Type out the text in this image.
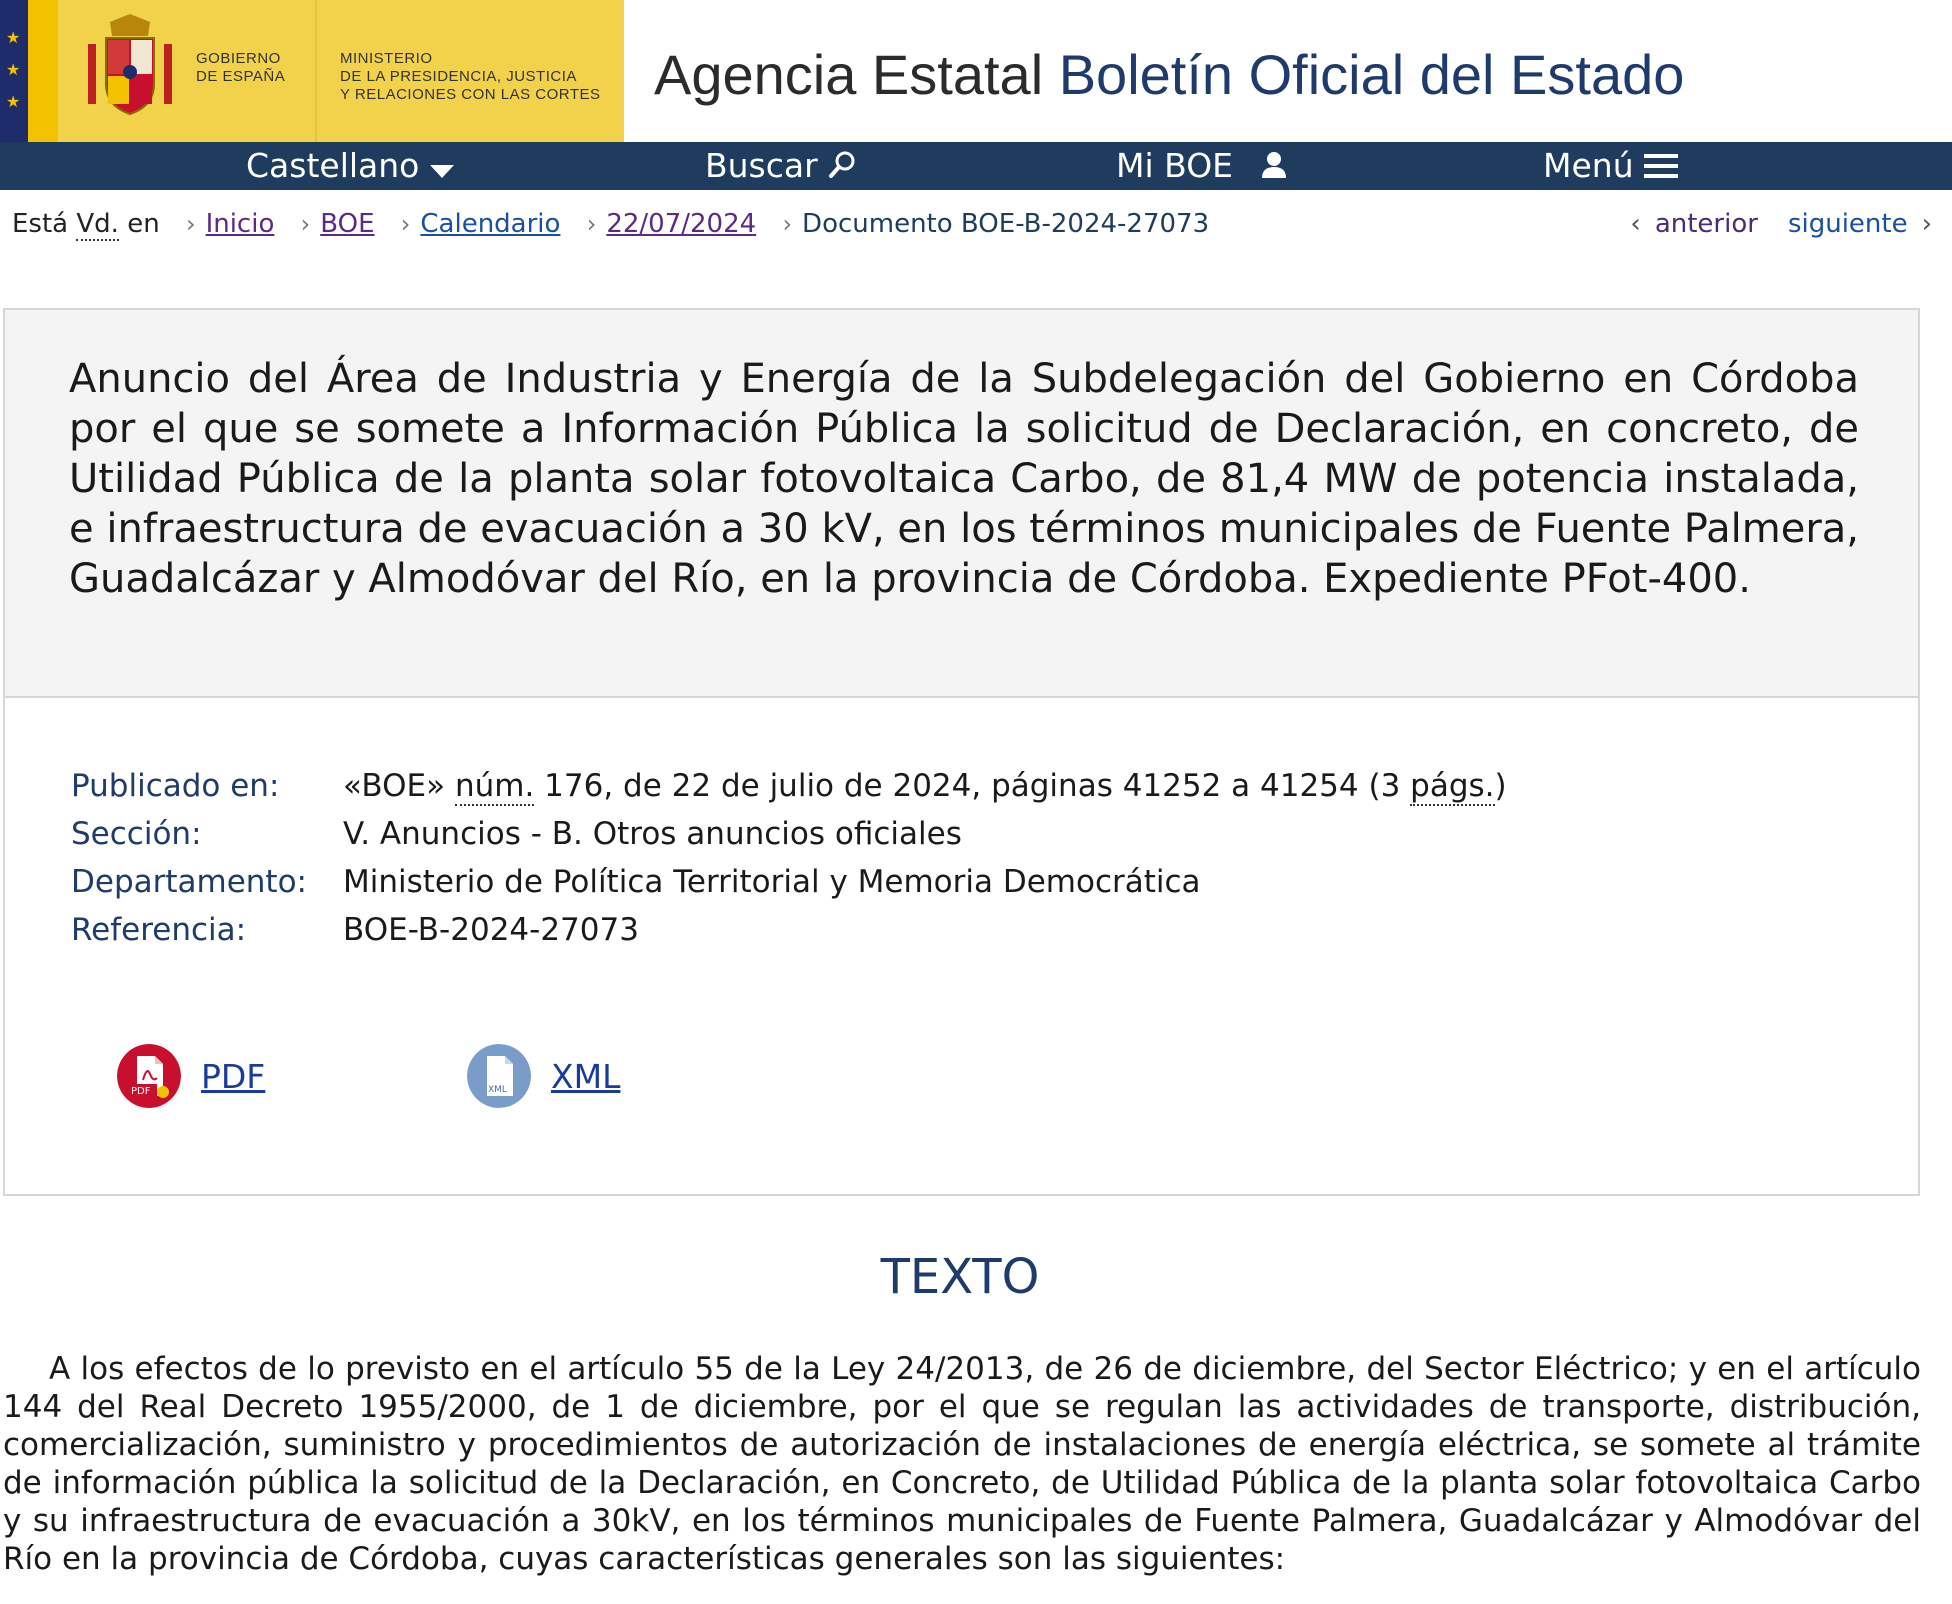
★
★
★
GOBIERNO
DE ESPAÑA
MINISTERIO
DE LA PRESIDENCIA, JUSTICIA
Y RELACIONES CON LAS CORTES Agencia Estatal Boletín Oficial del Estado
Castellano	Buscar	Mi BOE	Menú
Está Vd. en › Inicio › BOE › Calendario › 22/07/2024 › Documento BOE-B-2024-27073	‹ anterior siguiente ›
Anuncio del Área de Industria y Energía de la Subdelegación del Gobierno en Córdoba por el que se somete a Información Pública la solicitud de Declaración, en concreto, de Utilidad Pública de la planta solar fotovoltaica Carbo, de 81,4 MW de potencia instalada, e infraestructura de evacuación a 30 kV, en los términos municipales de Fuente Palmera, Guadalcázar y Almodóvar del Río, en la provincia de Córdoba. Expediente PFot-400.
Publicado en:	«BOE» núm. 176, de 22 de julio de 2024, páginas 41252 a 41254 (3 págs.)
Sección:	V. Anuncios - B. Otros anuncios oficiales
Departamento:	Ministerio de Política Territorial y Memoria Democrática
Referencia:	BOE-B-2024-27073
PDF PDF	XML XML
TEXTO

A los efectos de lo previsto en el artículo 55 de la Ley 24/2013, de 26 de diciembre, del Sector Eléctrico; y en el artículo 144 del Real Decreto 1955/2000, de 1 de diciembre, por el que se regulan las actividades de transporte, distribución, comercialización, suministro y procedimientos de autorización de instalaciones de energía eléctrica, se somete al trámite de información pública la solicitud de la Declaración, en Concreto, de Utilidad Pública de la planta solar fotovoltaica Carbo y su infraestructura de evacuación a 30kV, en los términos municipales de Fuente Palmera, Guadalcázar y Almodóvar del Río en la provincia de Córdoba, cuyas características generales son las siguientes:
